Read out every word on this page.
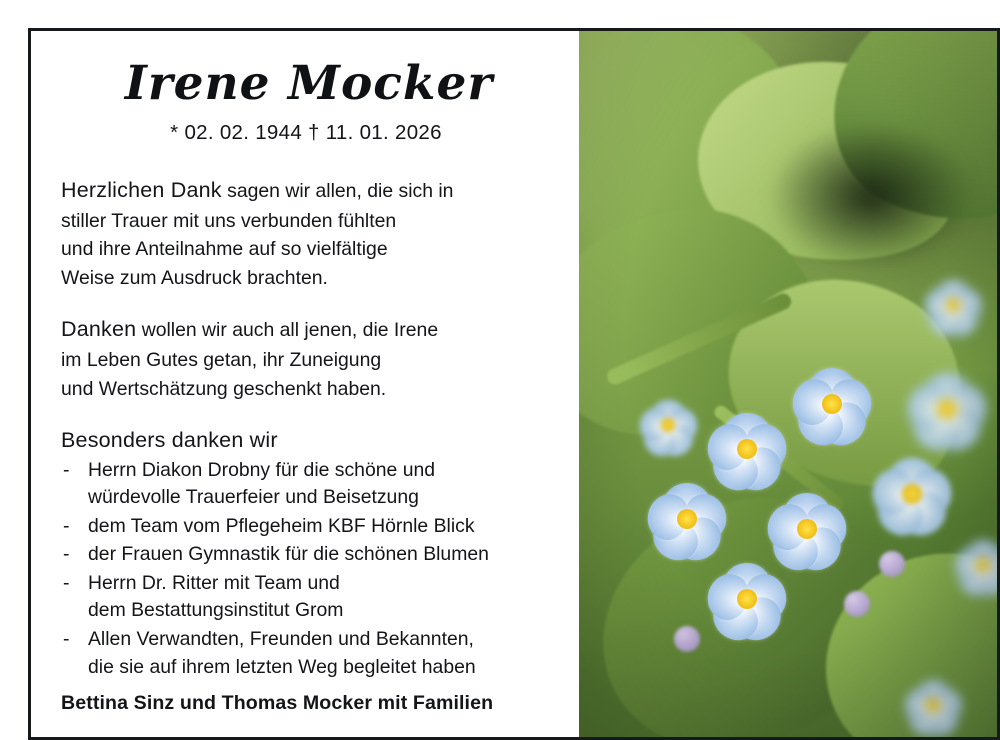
Irene Mocker
* 02. 02. 1944 † 11. 01. 2026

Herzlichen Dank sagen wir allen, die sich in

stiller Trauer mit uns verbunden fühlten

und ihre Anteilnahme auf so vielfältige

Weise zum Ausdruck brachten.

Danken wollen wir auch all jenen, die Irene

im Leben Gutes getan, ihr Zuneigung

und Wertschätzung geschenkt haben.

Besonders danken wir

- Herrn Diakon Drobny für die schöne und
würdevolle Trauerfeier und Beisetzung
- dem Team vom Pflegeheim KBF Hörnle Blick
- der Frauen Gymnastik für die schönen Blumen
- Herrn Dr. Ritter mit Team und
dem Bestattungsinstitut Grom
- Allen Verwandten, Freunden und Bekannten,
die sie auf ihrem letzten Weg begleitet haben
Bettina Sinz und Thomas Mocker mit Familien
